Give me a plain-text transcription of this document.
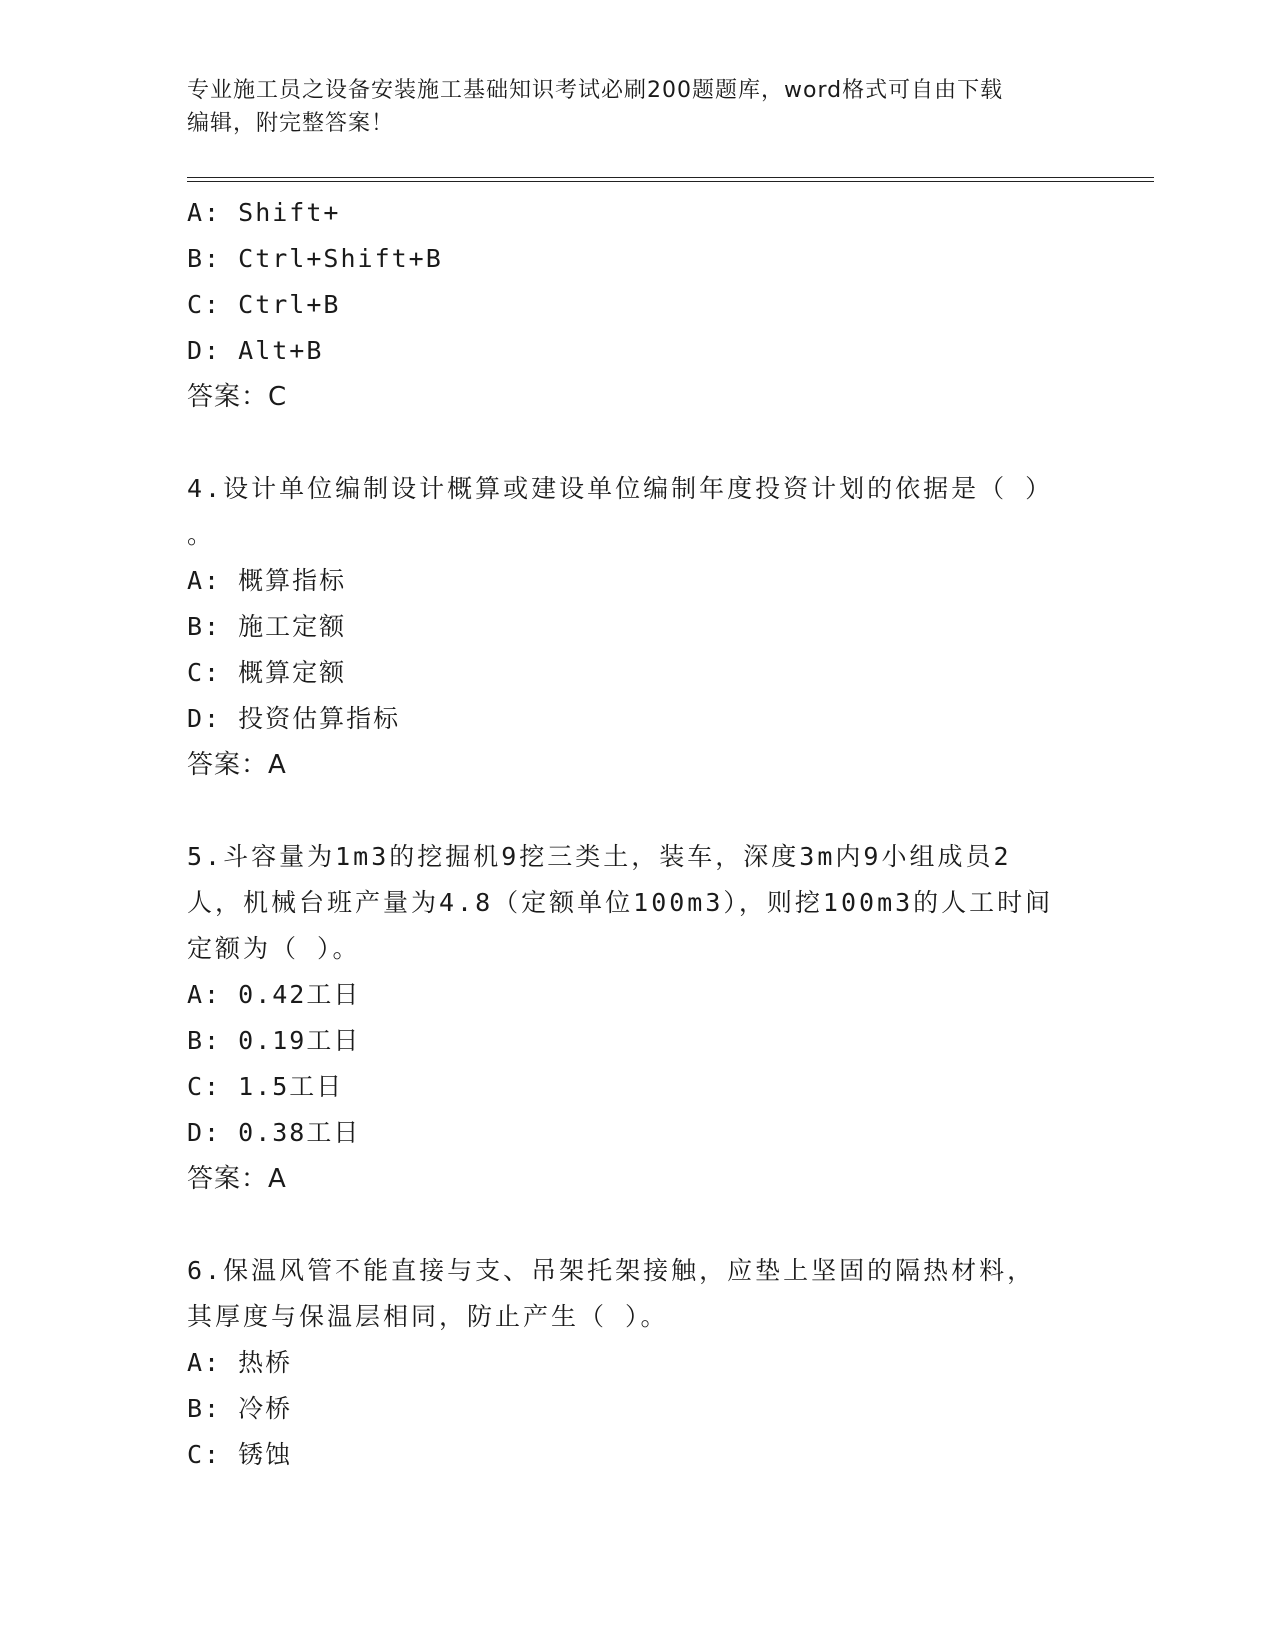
专业施工员之设备安装施工基础知识考试必刷200题题库，word格式可自由下载
编辑，附完整答案！
A: Shift+
B: Ctrl+Shift+B
C: Ctrl+B
D: Alt+B
答案：C
4.设计单位编制设计概算或建设单位编制年度投资计划的依据是（ ）
。
A: 概算指标
B: 施工定额
C: 概算定额
D: 投资估算指标
答案：A
5.斗容量为1m3的挖掘机9挖三类土，装车，深度3m内9小组成员2
人，机械台班产量为4.8（定额单位100m3），则挖100m3的人工时间
定额为（ ）。
A: 0.42工日
B: 0.19工日
C: 1.5工日
D: 0.38工日
答案：A
6.保温风管不能直接与支、吊架托架接触，应垫上坚固的隔热材料，
其厚度与保温层相同，防止产生（ ）。
A: 热桥
B: 冷桥
C: 锈蚀
